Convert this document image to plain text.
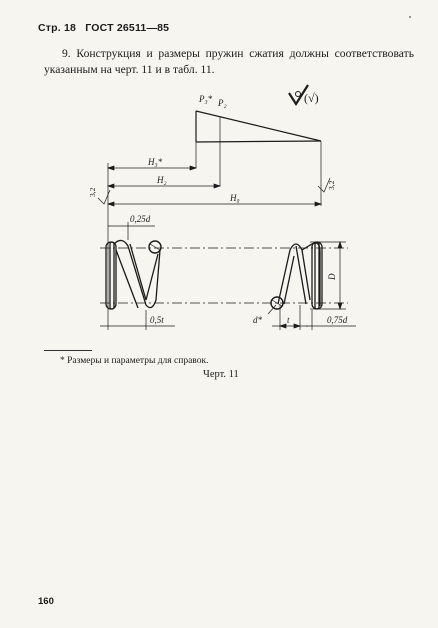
Стр. 18 ГОСТ 26511—85
9. Конструкция и размеры пружин сжатия должны соответствовать указанным на черт. 11 и в табл. 11.
P₃* P₂	(√)
H₃*
H₂
H₀
0,25d
D
d*	t
0,5t	0,75d
3,2
3,2
* Размеры и параметры для справок.
Черт. 11
160
